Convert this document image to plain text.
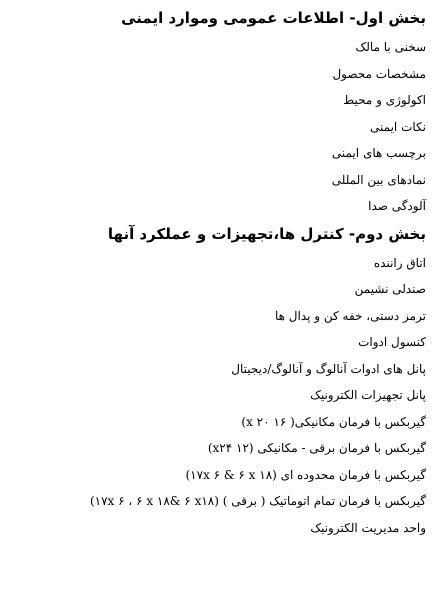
بخش اول- اطلاعات عمومی وموارد ایمنی
سخنی با مالک
مشخصات محصول
اکولوژی و محیط
نکات ایمنی
برچسب های ایمنی
نمادهای بین المللی
آلودگی صدا
بخش دوم- کنترل ها،تجهیزات و عملکرد آنها
اتاق راننده
صندلی نشیمن
ترمز دستی، خفه کن و پدال ها
کنسول ادوات
پانل های ادوات آنالوگ و آنالوگ/دیجیتال
پانل تجهیزات الکترونیک
گیربکس با فرمان مکانیکی( ۱۶ x ۲۰)
گیربکس با فرمان برقی - مکانیکی (۱۲ x۲۴)
گیربکس با فرمان محدوده ای (۱۷x ۶ & ۶ x ۱۸)
گیربکس با فرمان تمام اتوماتیک ( برقی ) (۱۷x ۶ ، ۶ x ۱۸& ۶ x۱۸)
واحد مدیریت الکترونیک
